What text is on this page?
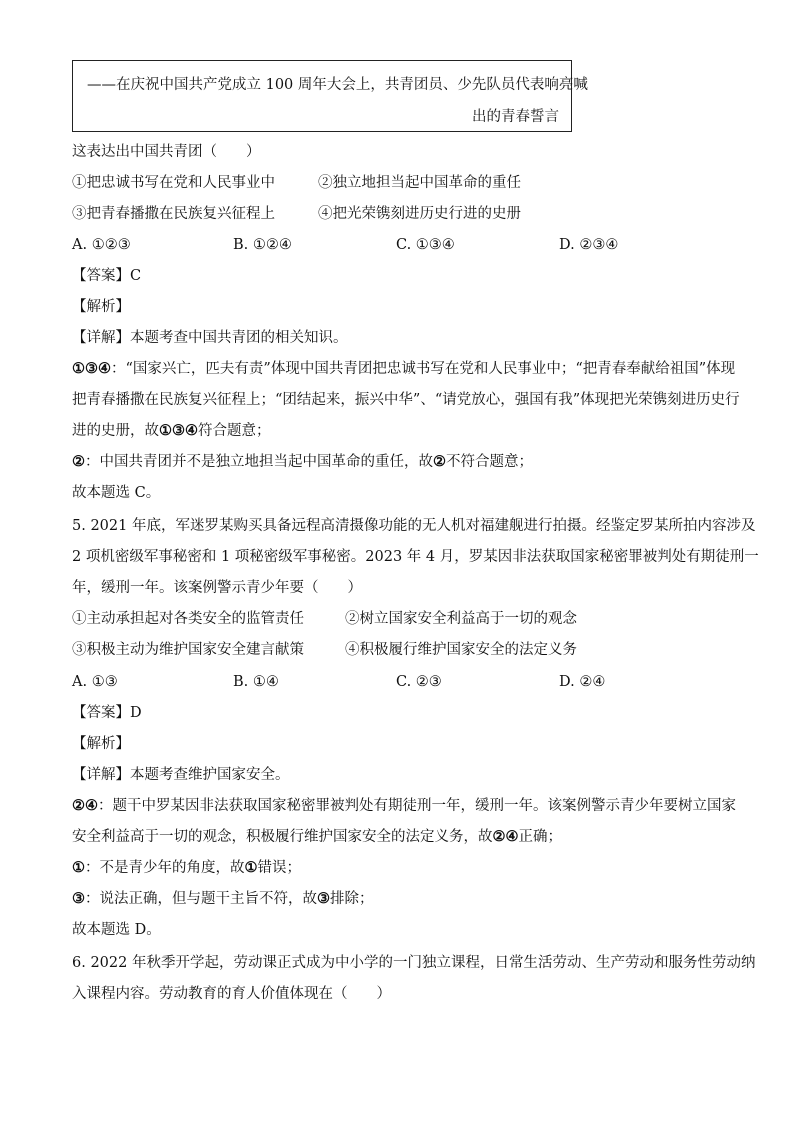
——在庆祝中国共产党成立 100 周年大会上，共青团员、少先队员代表响亮喊
出的青春誓言
这表达出中国共青团（　　）
①把忠诚书写在党和人民事业中	②独立地担当起中国革命的重任
③把青春播撒在民族复兴征程上	④把光荣镌刻进历史行进的史册
A. ①②③	B. ①②④	C. ①③④	D. ②③④
【答案】C
【解析】
【详解】本题考查中国共青团的相关知识。
①③④：“国家兴亡，匹夫有责”体现中国共青团把忠诚书写在党和人民事业中；“把青春奉献给祖国”体现
把青春播撒在民族复兴征程上；“团结起来，振兴中华”、“请党放心，强国有我”体现把光荣镌刻进历史行
进的史册，故①③④符合题意；
②：中国共青团并不是独立地担当起中国革命的重任，故②不符合题意；
故本题选 C。
5. 2021 年底，军迷罗某购买具备远程高清摄像功能的无人机对福建舰进行拍摄。经鉴定罗某所拍内容涉及
2 项机密级军事秘密和 1 项秘密级军事秘密。2023 年 4 月，罗某因非法获取国家秘密罪被判处有期徒刑一
年，缓刑一年。该案例警示青少年要（　　）
①主动承担起对各类安全的监管责任	②树立国家安全利益高于一切的观念
③积极主动为维护国家安全建言献策	④积极履行维护国家安全的法定义务
A. ①③	B. ①④	C. ②③	D. ②④
【答案】D
【解析】
【详解】本题考查维护国家安全。
②④：题干中罗某因非法获取国家秘密罪被判处有期徒刑一年，缓刑一年。该案例警示青少年要树立国家
安全利益高于一切的观念，积极履行维护国家安全的法定义务，故②④正确；
①：不是青少年的角度，故①错误；
③：说法正确，但与题干主旨不符，故③排除；
故本题选 D。
6. 2022 年秋季开学起，劳动课正式成为中小学的一门独立课程，日常生活劳动、生产劳动和服务性劳动纳
入课程内容。劳动教育的育人价值体现在（　　）
